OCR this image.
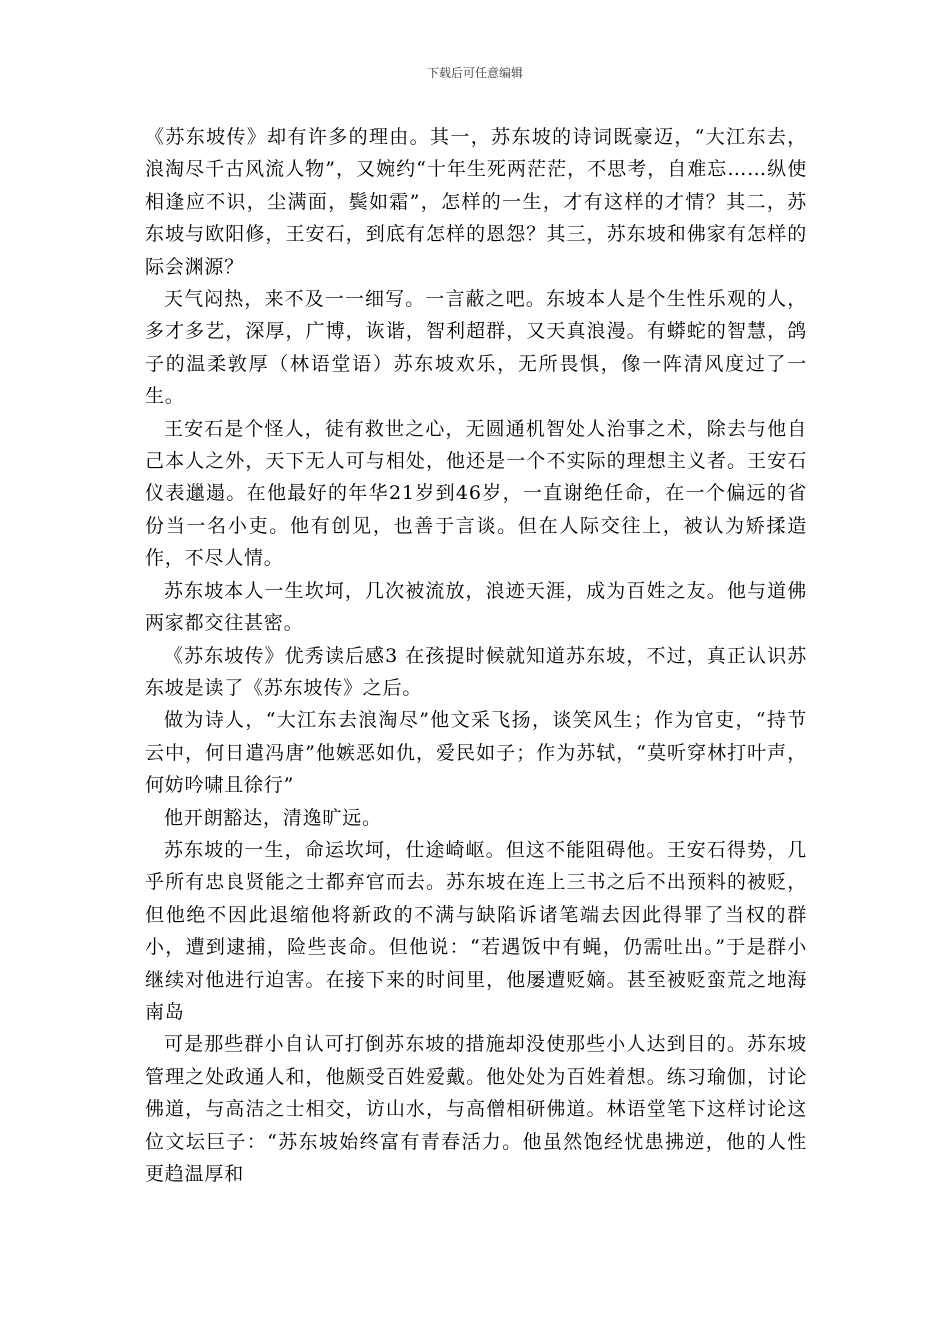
下载后可任意编辑

《苏东坡传》却有许多的理由。其一，苏东坡的诗词既豪迈，“大江东去，浪淘尽千古风流人物”，又婉约“十年生死两茫茫，不思考，自难忘……纵使相逢应不识，尘满面，鬓如霜”，怎样的一生，才有这样的才情？其二，苏东坡与欧阳修，王安石，到底有怎样的恩怨？其三，苏东坡和佛家有怎样的际会渊源？

天气闷热，来不及一一细写。一言蔽之吧。东坡本人是个生性乐观的人，多才多艺，深厚，广博，诙谐，智利超群，又天真浪漫。有蟒蛇的智慧，鸽子的温柔敦厚（林语堂语）苏东坡欢乐，无所畏惧，像一阵清风度过了一生。

王安石是个怪人，徒有救世之心，无圆通机智处人治事之术，除去与他自己本人之外，天下无人可与相处，他还是一个不实际的理想主义者。王安石仪表邋遢。在他最好的年华21岁到46岁，一直谢绝任命，在一个偏远的省份当一名小吏。他有创见，也善于言谈。但在人际交往上，被认为矫揉造作，不尽人情。

苏东坡本人一生坎坷，几次被流放，浪迹天涯，成为百姓之友。他与道佛两家都交往甚密。

《苏东坡传》优秀读后感3 在孩提时候就知道苏东坡，不过，真正认识苏东坡是读了《苏东坡传》之后。

做为诗人，“大江东去浪淘尽”他文采飞扬，谈笑风生；作为官吏，“持节云中，何日遣冯唐”他嫉恶如仇，爱民如子；作为苏轼，“莫听穿林打叶声，何妨吟啸且徐行”

他开朗豁达，清逸旷远。

苏东坡的一生，命运坎坷，仕途崎岖。但这不能阻碍他。王安石得势，几乎所有忠良贤能之士都弃官而去。苏东坡在连上三书之后不出预料的被贬，但他绝不因此退缩他将新政的不满与缺陷诉诸笔端去因此得罪了当权的群小，遭到逮捕，险些丧命。但他说：“若遇饭中有蝇，仍需吐出。”于是群小继续对他进行迫害。在接下来的时间里，他屡遭贬嫡。甚至被贬蛮荒之地海南岛

可是那些群小自认可打倒苏东坡的措施却没使那些小人达到目的。苏东坡管理之处政通人和，他颇受百姓爱戴。他处处为百姓着想。练习瑜伽，讨论佛道，与高洁之士相交，访山水，与高僧相研佛道。林语堂笔下这样讨论这位文坛巨子：“苏东坡始终富有青春活力。他虽然饱经忧患拂逆，他的人性更趋温厚和
